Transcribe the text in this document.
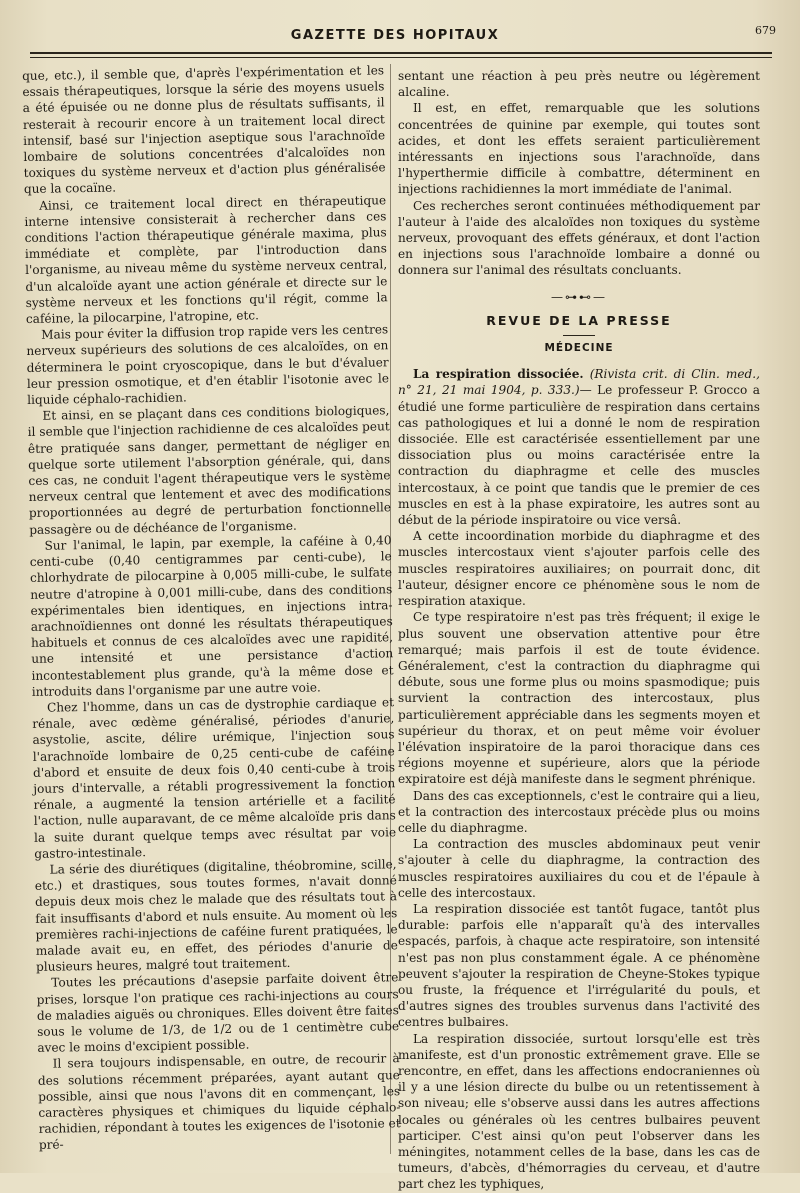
GAZETTE DES HOPITAUX	679

que, etc.), il semble que, d'après l'expérimentation et les essais thérapeutiques, lorsque la série des moyens usuels a été épuisée ou ne donne plus de résultats suffisants, il resterait à recourir encore à un traitement local direct intensif, basé sur l'injection aseptique sous l'arachnoïde lombaire de solutions concentrées d'alcaloïdes non toxiques du système nerveux et d'action plus généralisée que la cocaïne.

Ainsi, ce traitement local direct en thérapeutique interne intensive consisterait à rechercher dans ces conditions l'action thérapeutique générale maxima, plus immédiate et complète, par l'introduction dans l'organisme, au niveau même du système nerveux central, d'un alcaloïde ayant une action générale et directe sur le système nerveux et les fonctions qu'il régit, comme la caféine, la pilocarpine, l'atropine, etc.

Mais pour éviter la diffusion trop rapide vers les centres nerveux supérieurs des solutions de ces alcaloïdes, on en déterminera le point cryoscopique, dans le but d'évaluer leur pression osmotique, et d'en établir l'isotonie avec le liquide céphalo-rachidien.

Et ainsi, en se plaçant dans ces conditions biologiques, il semble que l'injection rachidienne de ces alcaloïdes peut être pratiquée sans danger, permettant de négliger en quelque sorte utilement l'absorption générale, qui, dans ces cas, ne conduit l'agent thérapeutique vers le système nerveux central que lentement et avec des modifications proportionnées au degré de perturbation fonctionnelle passagère ou de déchéance de l'organisme.

Sur l'animal, le lapin, par exemple, la caféine à 0,40 centi-cube (0,40 centigrammes par centi-cube), le chlorhydrate de pilocarpine à 0,005 milli-cube, le sulfate neutre d'atropine à 0,001 milli-cube, dans des conditions expérimentales bien identiques, en injections intra-arachnoïdiennes ont donné les résultats thérapeutiques habituels et connus de ces alcaloïdes avec une rapidité, une intensité et une persistance d'action incontestablement plus grande, qu'à la même dose et introduits dans l'organisme par une autre voie.

Chez l'homme, dans un cas de dystrophie cardiaque et rénale, avec œdème généralisé, périodes d'anurie, asystolie, ascite, délire urémique, l'injection sous l'arachnoïde lombaire de 0,25 centi-cube de caféine d'abord et ensuite de deux fois 0,40 centi-cube à trois jours d'intervalle, a rétabli progressivement la fonction rénale, a augmenté la tension artérielle et a facilité l'action, nulle auparavant, de ce même alcaloïde pris dans la suite durant quelque temps avec résultat par voie gastro-intestinale.

La série des diurétiques (digitaline, théobromine, scille, etc.) et drastiques, sous toutes formes, n'avait donné depuis deux mois chez le malade que des résultats tout à fait insuffisants d'abord et nuls ensuite. Au moment où les premières rachi-injections de caféine furent pratiquées, le malade avait eu, en effet, des périodes d'anurie de plusieurs heures, malgré tout traitement.

Toutes les précautions d'asepsie parfaite doivent être prises, lorsque l'on pratique ces rachi-injections au cours de maladies aiguës ou chroniques. Elles doivent être faites sous le volume de 1/3, de 1/2 ou de 1 centimètre cube avec le moins d'excipient possible.

Il sera toujours indispensable, en outre, de recourir à des solutions récemment préparées, ayant autant que possible, ainsi que nous l'avons dit en commençant, les caractères physiques et chimiques du liquide céphalo-rachidien, répondant à toutes les exigences de l'isotonie et pré-

sentant une réaction à peu près neutre ou légèrement alcaline.

Il est, en effet, remarquable que les solutions concentrées de quinine par exemple, qui toutes sont acides, et dont les effets seraient particulièrement intéressants en injections sous l'arachnoïde, dans l'hyperthermie difficile à combattre, déterminent en injections rachidiennes la mort immédiate de l'animal.

Ces recherches seront continuées méthodiquement par l'auteur à l'aide des alcaloïdes non toxiques du système nerveux, provoquant des effets généraux, et dont l'action en injections sous l'arachnoïde lombaire a donné ou donnera sur l'animal des résultats concluants.

—⊶⊷—
REVUE DE LA PRESSE
MÉDECINE

La respiration dissociée. (Rivista crit. di Clin. med., n° 21, 21 mai 1904, p. 333.)— Le professeur P. Grocco a étudié une forme particulière de respiration dans certains cas pathologiques et lui a donné le nom de respiration dissociée. Elle est caractérisée essentiellement par une dissociation plus ou moins caractérisée entre la contraction du diaphragme et celle des muscles intercostaux, à ce point que tandis que le premier de ces muscles en est à la phase expiratoire, les autres sont au début de la période inspiratoire ou vice versâ.

A cette incoordination morbide du diaphragme et des muscles intercostaux vient s'ajouter parfois celle des muscles respiratoires auxiliaires; on pourrait donc, dit l'auteur, désigner encore ce phénomène sous le nom de respiration ataxique.

Ce type respiratoire n'est pas très fréquent; il exige le plus souvent une observation attentive pour être remarqué; mais parfois il est de toute évidence. Généralement, c'est la contraction du diaphragme qui débute, sous une forme plus ou moins spasmodique; puis survient la contraction des intercostaux, plus particulièrement appréciable dans les segments moyen et supérieur du thorax, et on peut même voir évoluer l'élévation inspiratoire de la paroi thoracique dans ces régions moyenne et supérieure, alors que la période expiratoire est déjà manifeste dans le segment phrénique.

Dans des cas exceptionnels, c'est le contraire qui a lieu, et la contraction des intercostaux précède plus ou moins celle du diaphragme.

La contraction des muscles abdominaux peut venir s'ajouter à celle du diaphragme, la contraction des muscles respiratoires auxiliaires du cou et de l'épaule à celle des intercostaux.

La respiration dissociée est tantôt fugace, tantôt plus durable: parfois elle n'apparaît qu'à des intervalles espacés, parfois, à chaque acte respiratoire, son intensité n'est pas non plus constamment égale. A ce phénomène peuvent s'ajouter la respiration de Cheyne-Stokes typique ou fruste, la fréquence et l'irrégularité du pouls, et d'autres signes des troubles survenus dans l'activité des centres bulbaires.

La respiration dissociée, surtout lorsqu'elle est très manifeste, est d'un pronostic extrêmement grave. Elle se rencontre, en effet, dans les affections endocraniennes où il y a une lésion directe du bulbe ou un retentissement à son niveau; elle s'observe aussi dans les autres affections locales ou générales où les centres bulbaires peuvent participer. C'est ainsi qu'on peut l'observer dans les méningites, notamment celles de la base, dans les cas de tumeurs, d'abcès, d'hémorragies du cerveau, et d'autre part chez les typhiques,
